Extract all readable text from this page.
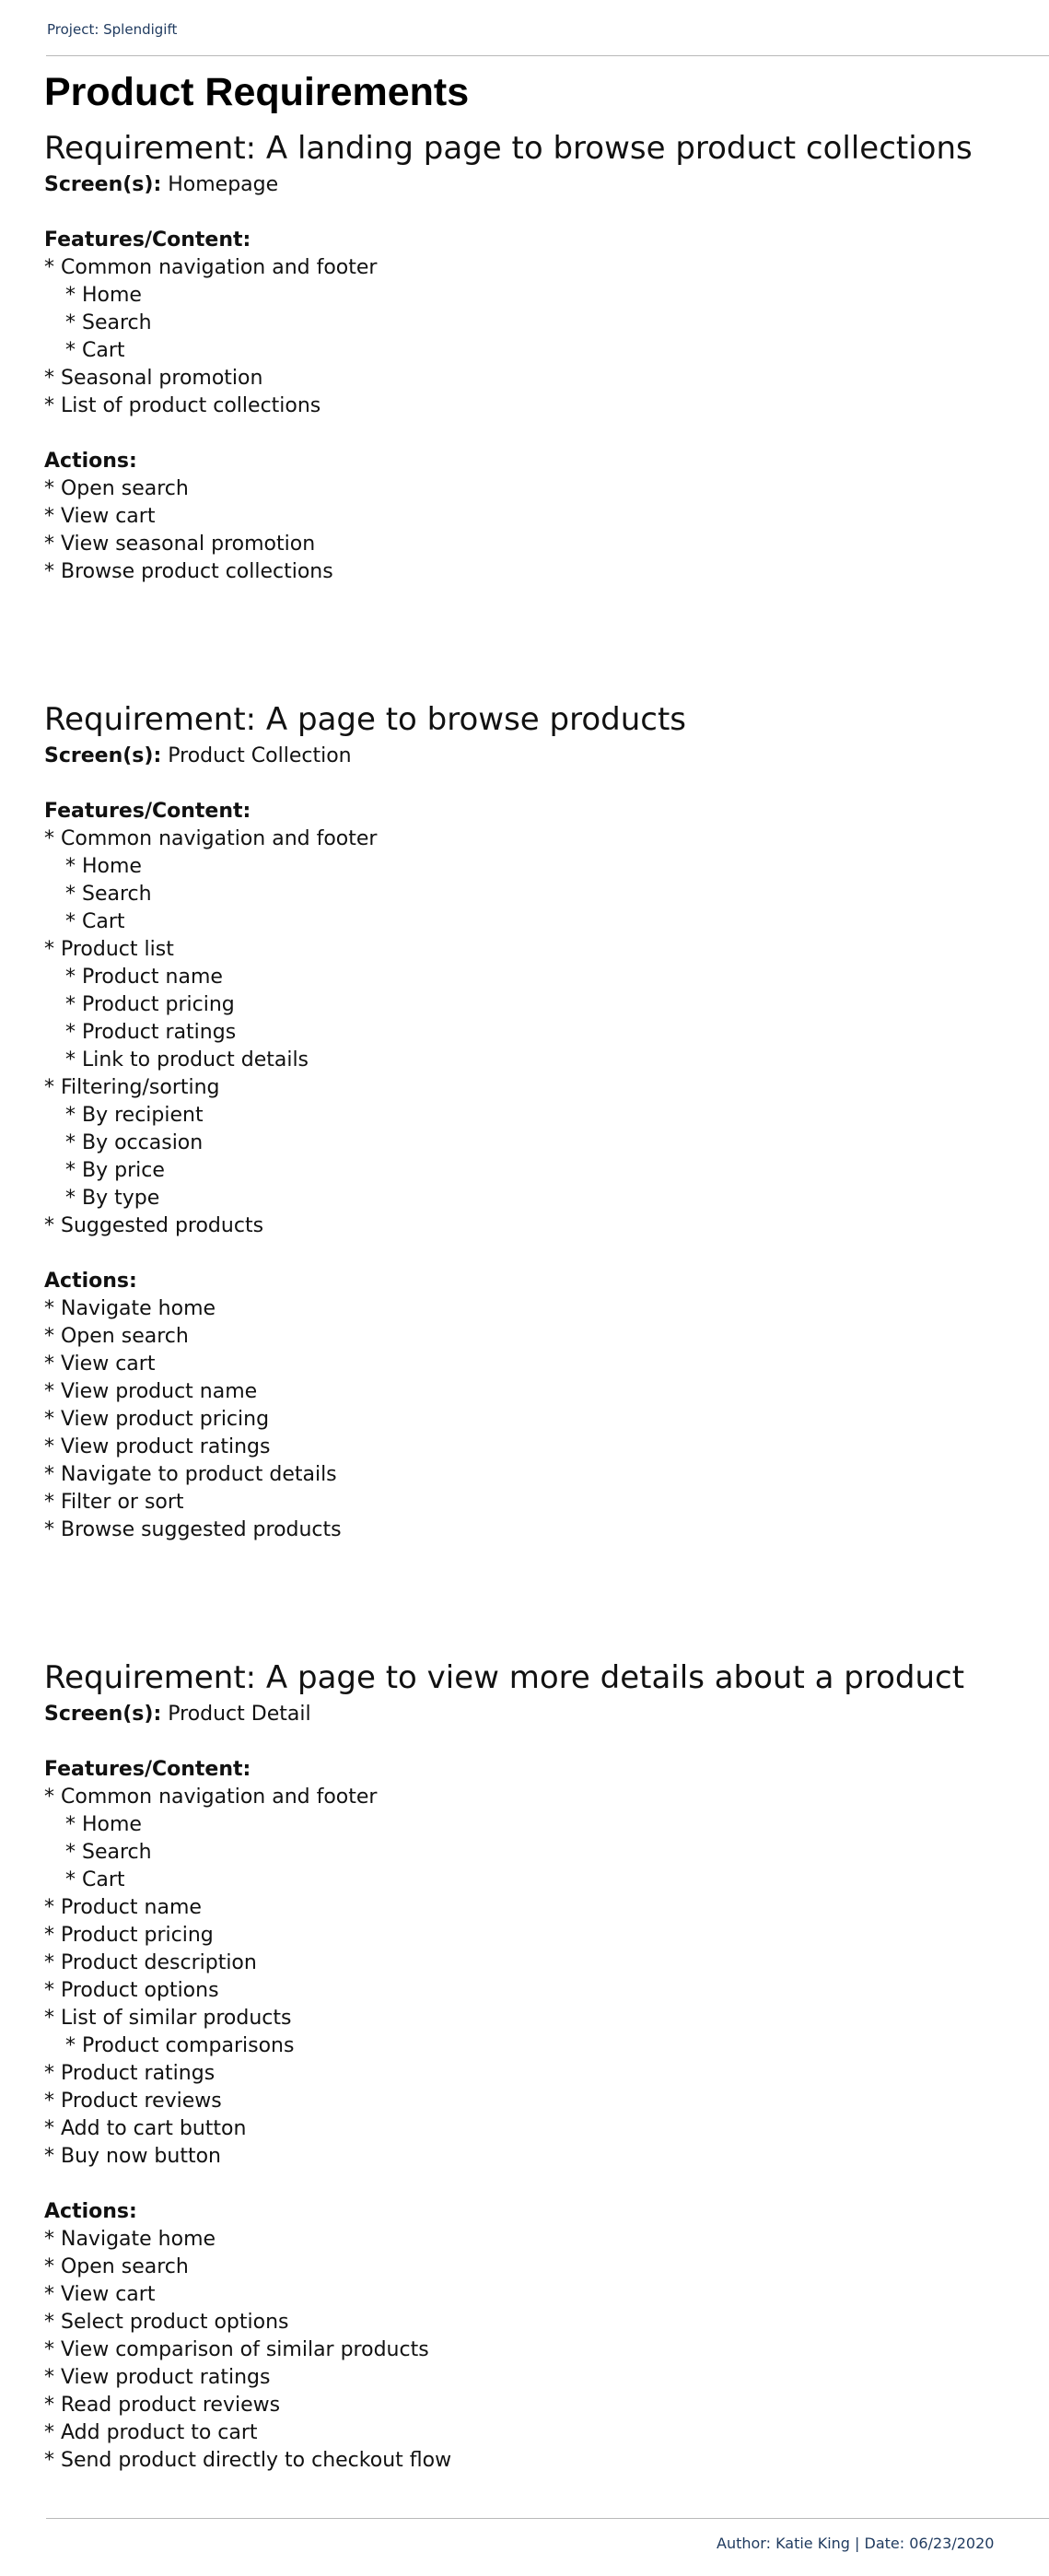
Project: Splendigift
Product Requirements
Requirement: A landing page to browse product collections
Screen(s): Homepage
Features/Content:
* Common navigation and footer
* Home
* Search
* Cart
* Seasonal promotion
* List of product collections
Actions:
* Open search
* View cart
* View seasonal promotion
* Browse product collections
Requirement: A page to browse products
Screen(s): Product Collection
Features/Content:
* Common navigation and footer
* Home
* Search
* Cart
* Product list
* Product name
* Product pricing
* Product ratings
* Link to product details
* Filtering/sorting
* By recipient
* By occasion
* By price
* By type
* Suggested products
Actions:
* Navigate home
* Open search
* View cart
* View product name
* View product pricing
* View product ratings
* Navigate to product details
* Filter or sort
* Browse suggested products
Requirement: A page to view more details about a product
Screen(s): Product Detail
Features/Content:
* Common navigation and footer
* Home
* Search
* Cart
* Product name
* Product pricing
* Product description
* Product options
* List of similar products
* Product comparisons
* Product ratings
* Product reviews
* Add to cart button
* Buy now button
Actions:
* Navigate home
* Open search
* View cart
* Select product options
* View comparison of similar products
* View product ratings
* Read product reviews
* Add product to cart
* Send product directly to checkout flow
Author: Katie King | Date: 06/23/2020
